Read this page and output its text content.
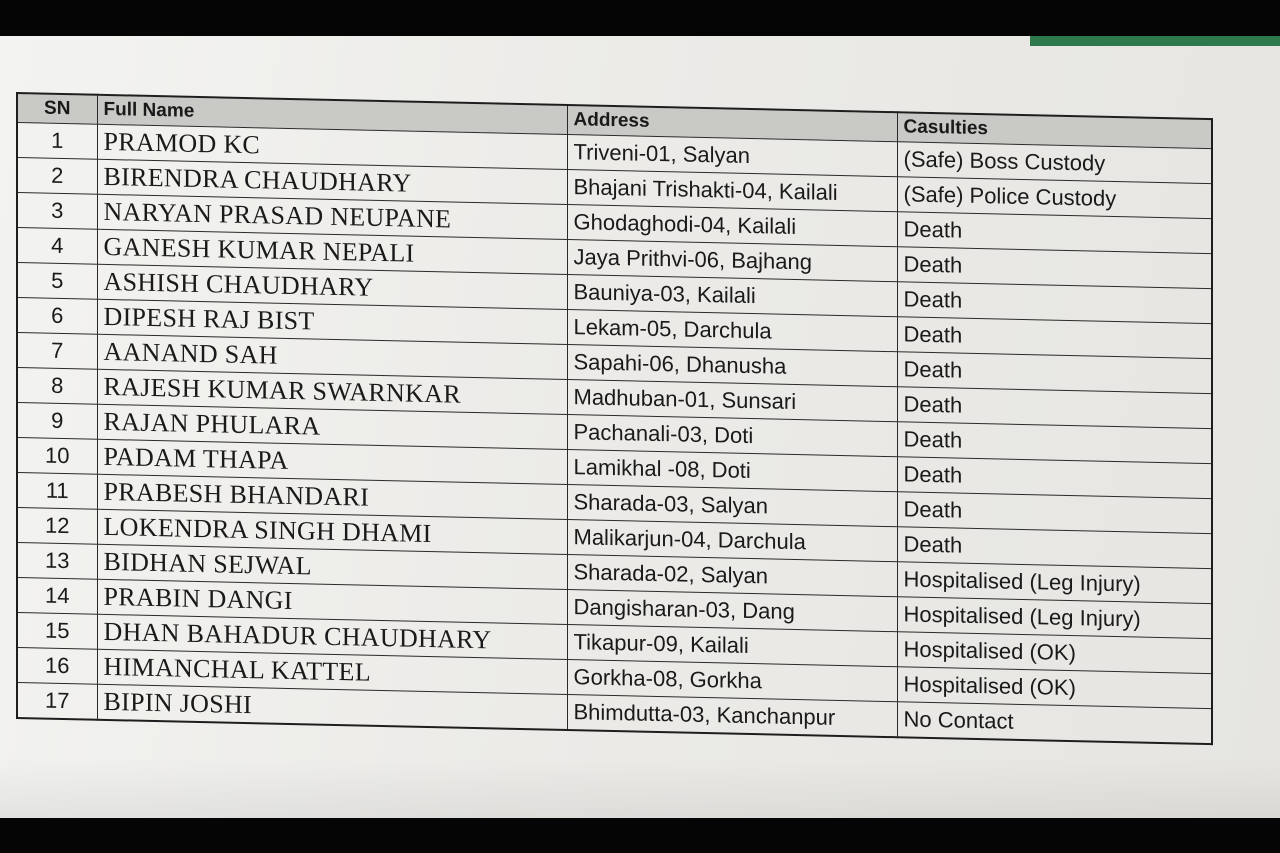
SN	Full Name	Address	Casulties
1	PRAMOD KC	Triveni-01, Salyan	(Safe) Boss Custody
2	BIRENDRA CHAUDHARY	Bhajani Trishakti-04, Kailali	(Safe) Police Custody
3	NARYAN PRASAD NEUPANE	Ghodaghodi-04, Kailali	Death
4	GANESH KUMAR NEPALI	Jaya Prithvi-06, Bajhang	Death
5	ASHISH CHAUDHARY	Bauniya-03, Kailali	Death
6	DIPESH RAJ BIST	Lekam-05, Darchula	Death
7	AANAND SAH	Sapahi-06, Dhanusha	Death
8	RAJESH KUMAR SWARNKAR	Madhuban-01, Sunsari	Death
9	RAJAN PHULARA	Pachanali-03, Doti	Death
10	PADAM THAPA	Lamikhal -08, Doti	Death
11	PRABESH BHANDARI	Sharada-03, Salyan	Death
12	LOKENDRA SINGH DHAMI	Malikarjun-04, Darchula	Death
13	BIDHAN SEJWAL	Sharada-02, Salyan	Hospitalised (Leg Injury)
14	PRABIN DANGI	Dangisharan-03, Dang	Hospitalised (Leg Injury)
15	DHAN BAHADUR CHAUDHARY	Tikapur-09, Kailali	Hospitalised (OK)
16	HIMANCHAL KATTEL	Gorkha-08, Gorkha	Hospitalised (OK)
17	BIPIN JOSHI	Bhimdutta-03, Kanchanpur	No Contact
